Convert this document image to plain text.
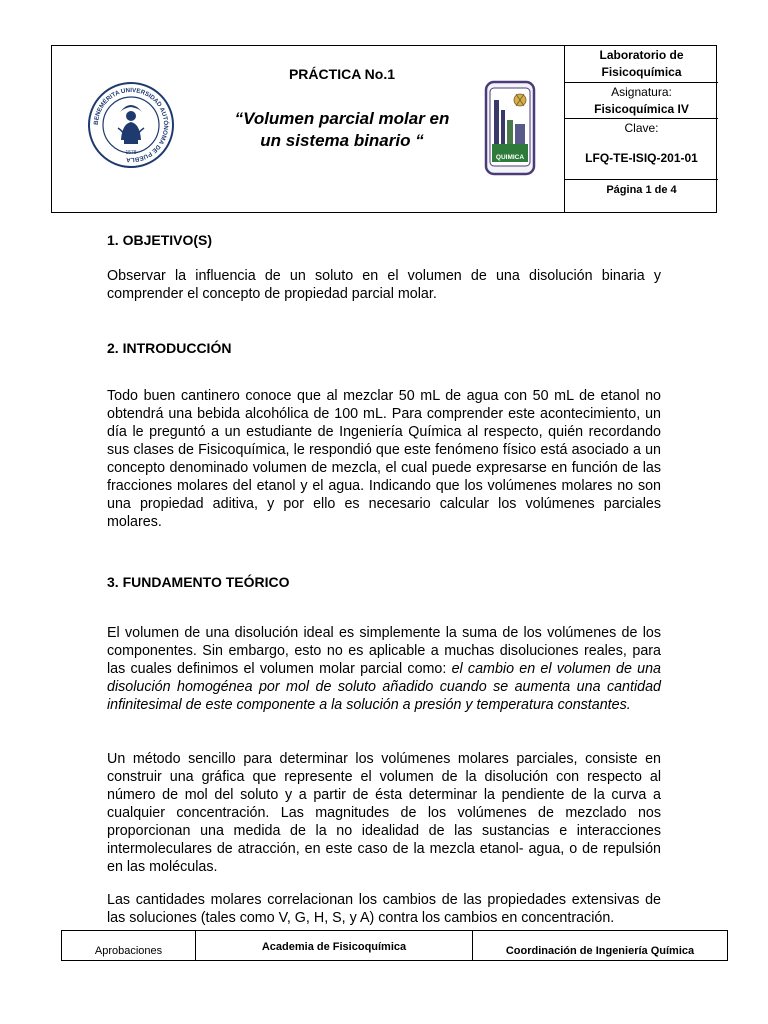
BENEMÉRITA UNIVERSIDAD AUTÓNOMA DE PUEBLA
1578
PRÁCTICA No.1
“Volumen parcial molar en
un sistema binario “
QUIMICA
Laboratorio de
Fisicoquímica
Asignatura:
Fisicoquímica IV
Clave:
LFQ-TE-ISIQ-201-01
Página 1 de 4
1. OBJETIVO(S)
Observar la influencia de un soluto en el volumen de una disolución binaria y comprender el concepto de propiedad parcial molar.
2. INTRODUCCIÓN
Todo buen cantinero conoce que al mezclar 50 mL de agua con 50 mL de etanol no obtendrá una bebida alcohólica de 100 mL. Para comprender este acontecimiento, un día le preguntó a un estudiante de Ingeniería Química al respecto, quién recordando sus clases de Fisicoquímica, le respondió que este fenómeno físico está asociado a un concepto denominado volumen de mezcla, el cual puede expresarse en función de las fracciones molares del etanol y el agua. Indicando que los volúmenes molares no son una propiedad aditiva, y por ello es necesario calcular los volúmenes parciales molares.
3. FUNDAMENTO TEÓRICO
El volumen de una disolución ideal es simplemente la suma de los volúmenes de los componentes. Sin embargo, esto no es aplicable a muchas disoluciones reales, para las cuales definimos el volumen molar parcial como: el cambio en el volumen de una disolución homogénea por mol de soluto añadido cuando se aumenta una cantidad infinitesimal de este componente a la solución a presión y temperatura constantes.
Un método sencillo para determinar los volúmenes molares parciales, consiste en construir una gráfica que represente el volumen de la disolución con respecto al número de mol del soluto y a partir de ésta determinar la pendiente de la curva a cualquier concentración. Las magnitudes de los volúmenes de mezclado nos proporcionan una medida de la no idealidad de las sustancias e interacciones intermoleculares de atracción, en este caso de la mezcla etanol- agua, o de repulsión en las moléculas.
Las cantidades molares correlacionan los cambios de las propiedades extensivas de las soluciones (tales como V, G, H, S, y A) contra los cambios en concentración.
Aprobaciones	Academia de Fisicoquímica	Coordinación de Ingeniería Química
